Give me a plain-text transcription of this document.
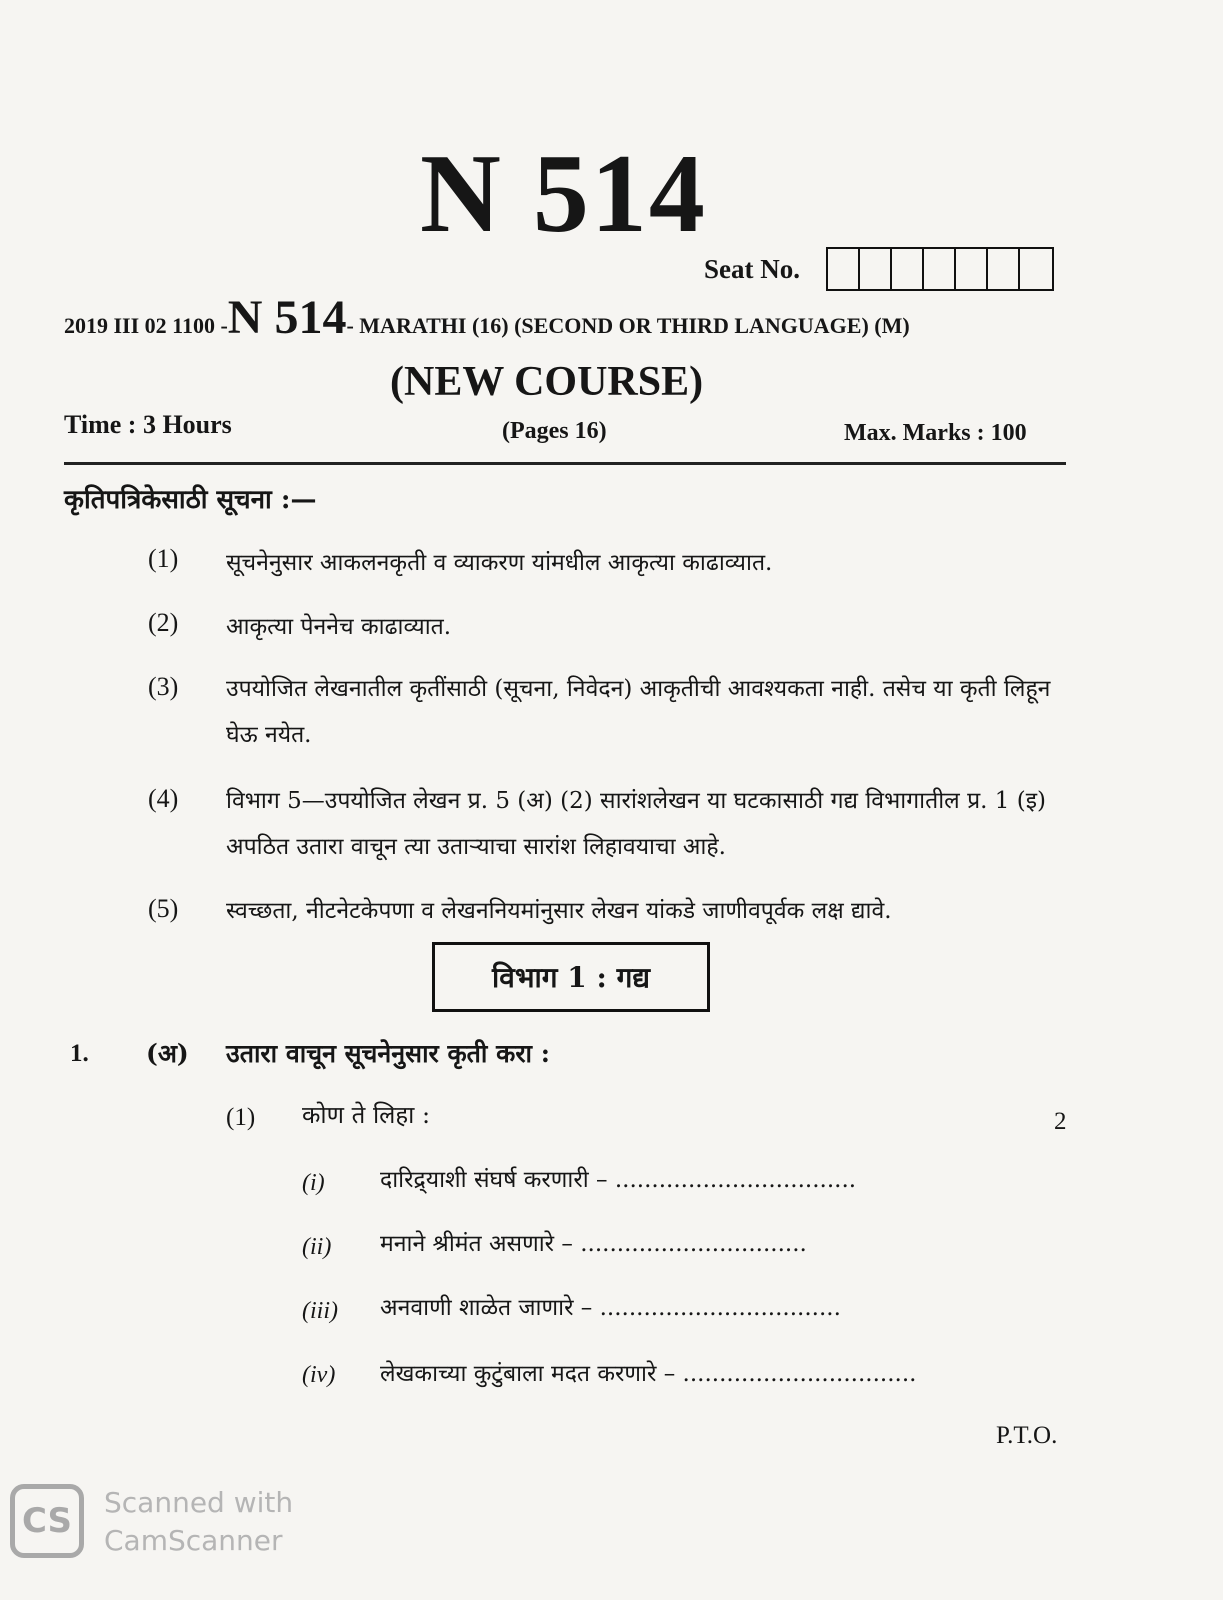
N 514
Seat No.
2019 III 02 1100 -N 514- MARATHI (16) (SECOND OR THIRD LANGUAGE) (M)
(NEW COURSE)
Time : 3 Hours	(Pages 16)	Max. Marks : 100
कृतिपत्रिकेसाठी सूचना :—
(1) सूचनेनुसार आकलनकृती व व्याकरण यांमधील आकृत्या काढाव्यात.
(2) आकृत्या पेननेच काढाव्यात.
(3) उपयोजित लेखनातील कृतींसाठी (सूचना, निवेदन) आकृतीची आवश्यकता नाही. तसेच या कृती लिहून घेऊ नयेत.
(4) विभाग 5—उपयोजित लेखन प्र. 5 (अ) (2) सारांशलेखन या घटकासाठी गद्य विभागातील प्र. 1 (इ) अपठित उतारा वाचून त्या उताऱ्याचा सारांश लिहावयाचा आहे.
(5) स्वच्छता, नीटनेटकेपणा व लेखननियमांनुसार लेखन यांकडे जाणीवपूर्वक लक्ष द्यावे.
विभाग 1 : गद्य
1. (अ) उतारा वाचून सूचनेनुसार कृती करा :
(1) कोण ते लिहा :	2
(i) दारिद्र्याशी संघर्ष करणारी – .................................
(ii) मनाने श्रीमंत असणारे – ...............................
(iii) अनवाणी शाळेत जाणारे – .................................
(iv) लेखकाच्या कुटुंबाला मदत करणारे – ................................
P.T.O.
CS	Scanned with
CamScanner
